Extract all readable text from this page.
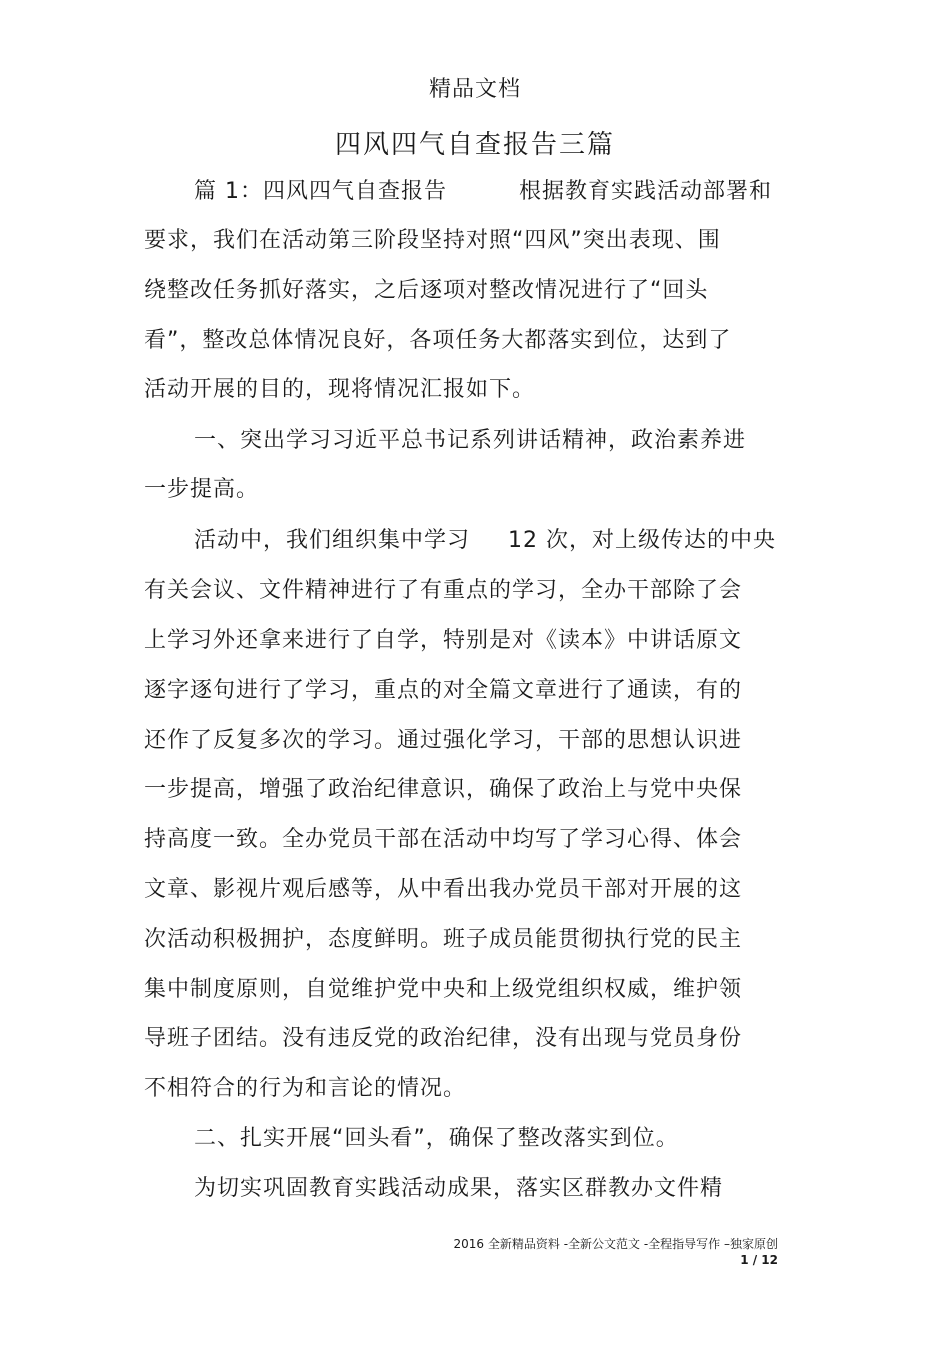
精品文档
四风四气自查报告三篇
篇 1：四风四气自查报告	根据教育实践活动部署和
要求，我们在活动第三阶段坚持对照“四风”突出表现、围
绕整改任务抓好落实，之后逐项对整改情况进行了“回头
看”，整改总体情况良好，各项任务大都落实到位，达到了
活动开展的目的，现将情况汇报如下。
一、突出学习习近平总书记系列讲话精神，政治素养进
一步提高。
活动中，我们组织集中学习 12 次，对上级传达的中央
有关会议、文件精神进行了有重点的学习，全办干部除了会
上学习外还拿来进行了自学，特别是对《读本》中讲话原文
逐字逐句进行了学习，重点的对全篇文章进行了通读，有的
还作了反复多次的学习。通过强化学习，干部的思想认识进
一步提高，增强了政治纪律意识，确保了政治上与党中央保
持高度一致。全办党员干部在活动中均写了学习心得、体会
文章、影视片观后感等，从中看出我办党员干部对开展的这
次活动积极拥护，态度鲜明。班子成员能贯彻执行党的民主
集中制度原则，自觉维护党中央和上级党组织权威，维护领
导班子团结。没有违反党的政治纪律，没有出现与党员身份
不相符合的行为和言论的情况。
二、扎实开展“回头看”，确保了整改落实到位。
为切实巩固教育实践活动成果，落实区群教办文件精
2016 全新精品资料 -全新公文范文 -全程指导写作 –独家原创
1 / 12
